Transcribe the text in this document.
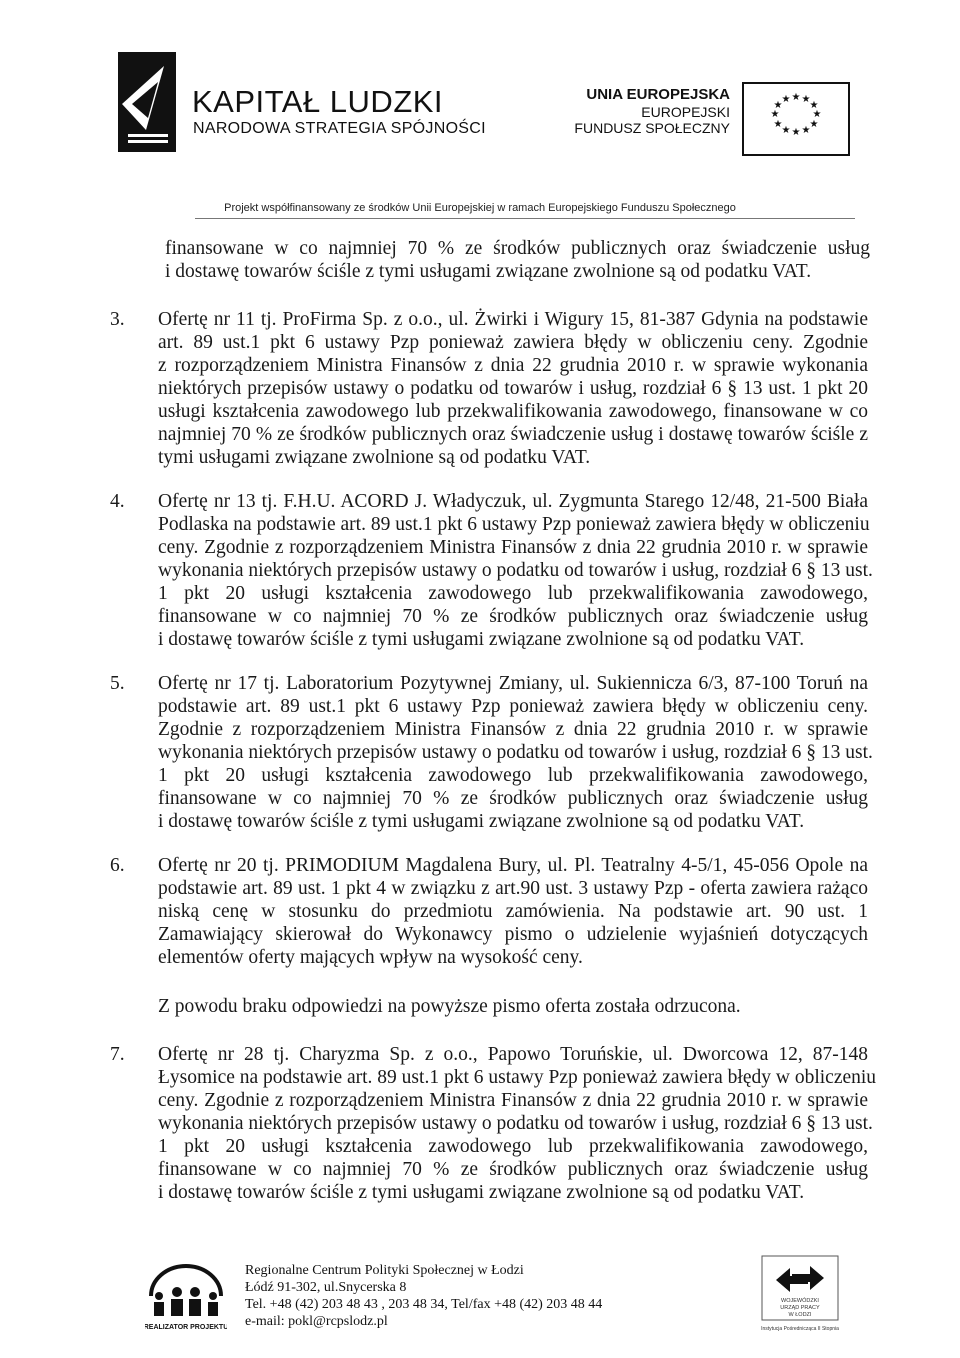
KAPITAŁ LUDZKI
NARODOWA STRATEGIA SPÓJNOŚCI
UNIA EUROPEJSKA
EUROPEJSKI
FUNDUSZ SPOŁECZNY
★ ★
★
★
★
★
★
★
★
★
★
★
Projekt współfinansowany ze środków Unii Europejskiej w ramach Europejskiego Funduszu Społecznego
finansowane w co najmniej 70 % ze środków publicznych oraz świadczenie usług
i dostawę towarów ściśle z tymi usługami związane zwolnione są od podatku VAT.
3. Ofertę nr 11 tj. ProFirma Sp. z o.o., ul. Żwirki i Wigury 15, 81-387 Gdynia na podstawie
art. 89 ust.1 pkt 6 ustawy Pzp ponieważ zawiera błędy w obliczeniu ceny. Zgodnie
z rozporządzeniem Ministra Finansów z dnia 22 grudnia 2010 r. w sprawie wykonania
niektórych przepisów ustawy o podatku od towarów i usług, rozdział 6 § 13 ust. 1 pkt 20
usługi kształcenia zawodowego lub przekwalifikowania zawodowego, finansowane w co
najmniej 70 % ze środków publicznych oraz świadczenie usług i dostawę towarów ściśle z
tymi usługami związane zwolnione są od podatku VAT.
4. Ofertę nr 13 tj. F.H.U. ACORD J. Władyczuk, ul. Zygmunta Starego 12/48, 21-500 Biała
Podlaska na podstawie art. 89 ust.1 pkt 6 ustawy Pzp ponieważ zawiera błędy w obliczeniu
ceny. Zgodnie z rozporządzeniem Ministra Finansów z dnia 22 grudnia 2010 r. w sprawie
wykonania niektórych przepisów ustawy o podatku od towarów i usług, rozdział 6 § 13 ust.
1 pkt 20 usługi kształcenia zawodowego lub przekwalifikowania zawodowego,
finansowane w co najmniej 70 % ze środków publicznych oraz świadczenie usług
i dostawę towarów ściśle z tymi usługami związane zwolnione są od podatku VAT.
5. Ofertę nr 17 tj. Laboratorium Pozytywnej Zmiany, ul. Sukiennicza 6/3, 87-100 Toruń na
podstawie art. 89 ust.1 pkt 6 ustawy Pzp ponieważ zawiera błędy w obliczeniu ceny.
Zgodnie z rozporządzeniem Ministra Finansów z dnia 22 grudnia 2010 r. w sprawie
wykonania niektórych przepisów ustawy o podatku od towarów i usług, rozdział 6 § 13 ust.
1 pkt 20 usługi kształcenia zawodowego lub przekwalifikowania zawodowego,
finansowane w co najmniej 70 % ze środków publicznych oraz świadczenie usług
i dostawę towarów ściśle z tymi usługami związane zwolnione są od podatku VAT.
6. Ofertę nr 20 tj. PRIMODIUM Magdalena Bury, ul. Pl. Teatralny 4-5/1, 45-056 Opole na
podstawie art. 89 ust. 1 pkt 4 w związku z art.90 ust. 3 ustawy Pzp - oferta zawiera rażąco
niską cenę w stosunku do przedmiotu zamówienia. Na podstawie art. 90 ust. 1
Zamawiający skierował do Wykonawcy pismo o udzielenie wyjaśnień dotyczących
elementów oferty mających wpływ na wysokość ceny.
Z powodu braku odpowiedzi na powyższe pismo oferta została odrzucona.
7. Ofertę nr 28 tj. Charyzma Sp. z o.o., Papowo Toruńskie, ul. Dworcowa 12, 87-148
Łysomice na podstawie art. 89 ust.1 pkt 6 ustawy Pzp ponieważ zawiera błędy w obliczeniu
ceny. Zgodnie z rozporządzeniem Ministra Finansów z dnia 22 grudnia 2010 r. w sprawie
wykonania niektórych przepisów ustawy o podatku od towarów i usług, rozdział 6 § 13 ust.
1 pkt 20 usługi kształcenia zawodowego lub przekwalifikowania zawodowego,
finansowane w co najmniej 70 % ze środków publicznych oraz świadczenie usług
i dostawę towarów ściśle z tymi usługami związane zwolnione są od podatku VAT.
REALIZATOR PROJEKTU
Regionalne Centrum Polityki Społecznej w Łodzi
Łódź 91-302, ul.Snycerska 8
Tel. +48 (42) 203 48 43 , 203 48 34, Tel/fax +48 (42) 203 48 44
e-mail: pokl@rcpslodz.pl
WOJEWÓDZKI
URZĄD PRACY
W ŁODZI
Instytucja Pośrednicząca II Stopnia
